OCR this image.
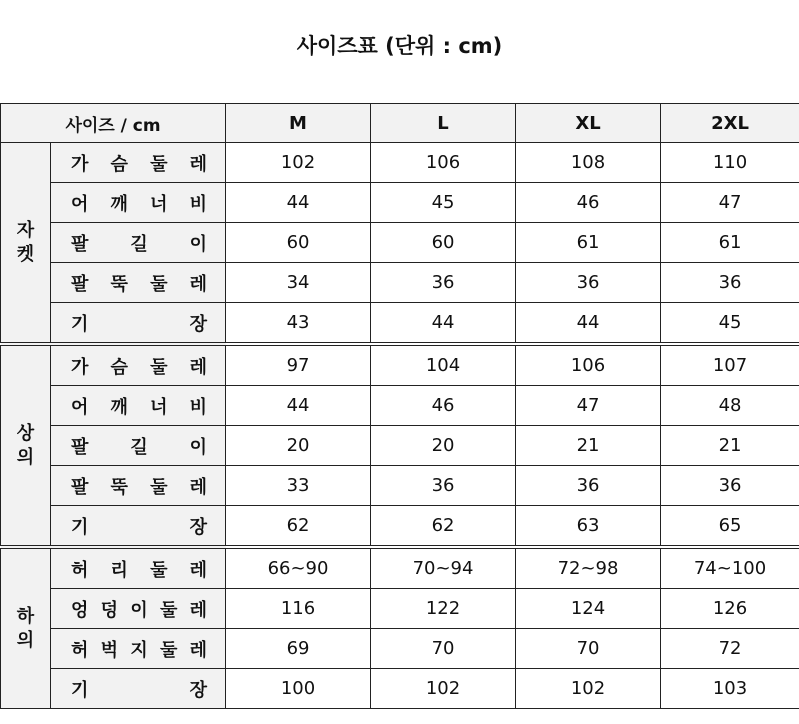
사이즈표 (단위 : cm)
사이즈 / cm		M	L	XL	2XL

자
켓	가 슴 둘 레	102	106	108	110

	어 깨 너 비	44	45	46	47

	팔 길 이	60	60	61	61

	팔 뚝 둘 레	34	36	36	36

	기 장	43	44	44	45

상
의	가 슴 둘 레	97	104	106	107

	어 깨 너 비	44	46	47	48

	팔 길 이	20	20	21	21

	팔 뚝 둘 레	33	36	36	36

	기 장	62	62	63	65

하
의	허 리 둘 레	66~90	70~94	72~98	74~100

	엉 덩 이 둘 레	116	122	124	126

	허 벅 지 둘 레	69	70	70	72

	기 장	100	102	102	103
